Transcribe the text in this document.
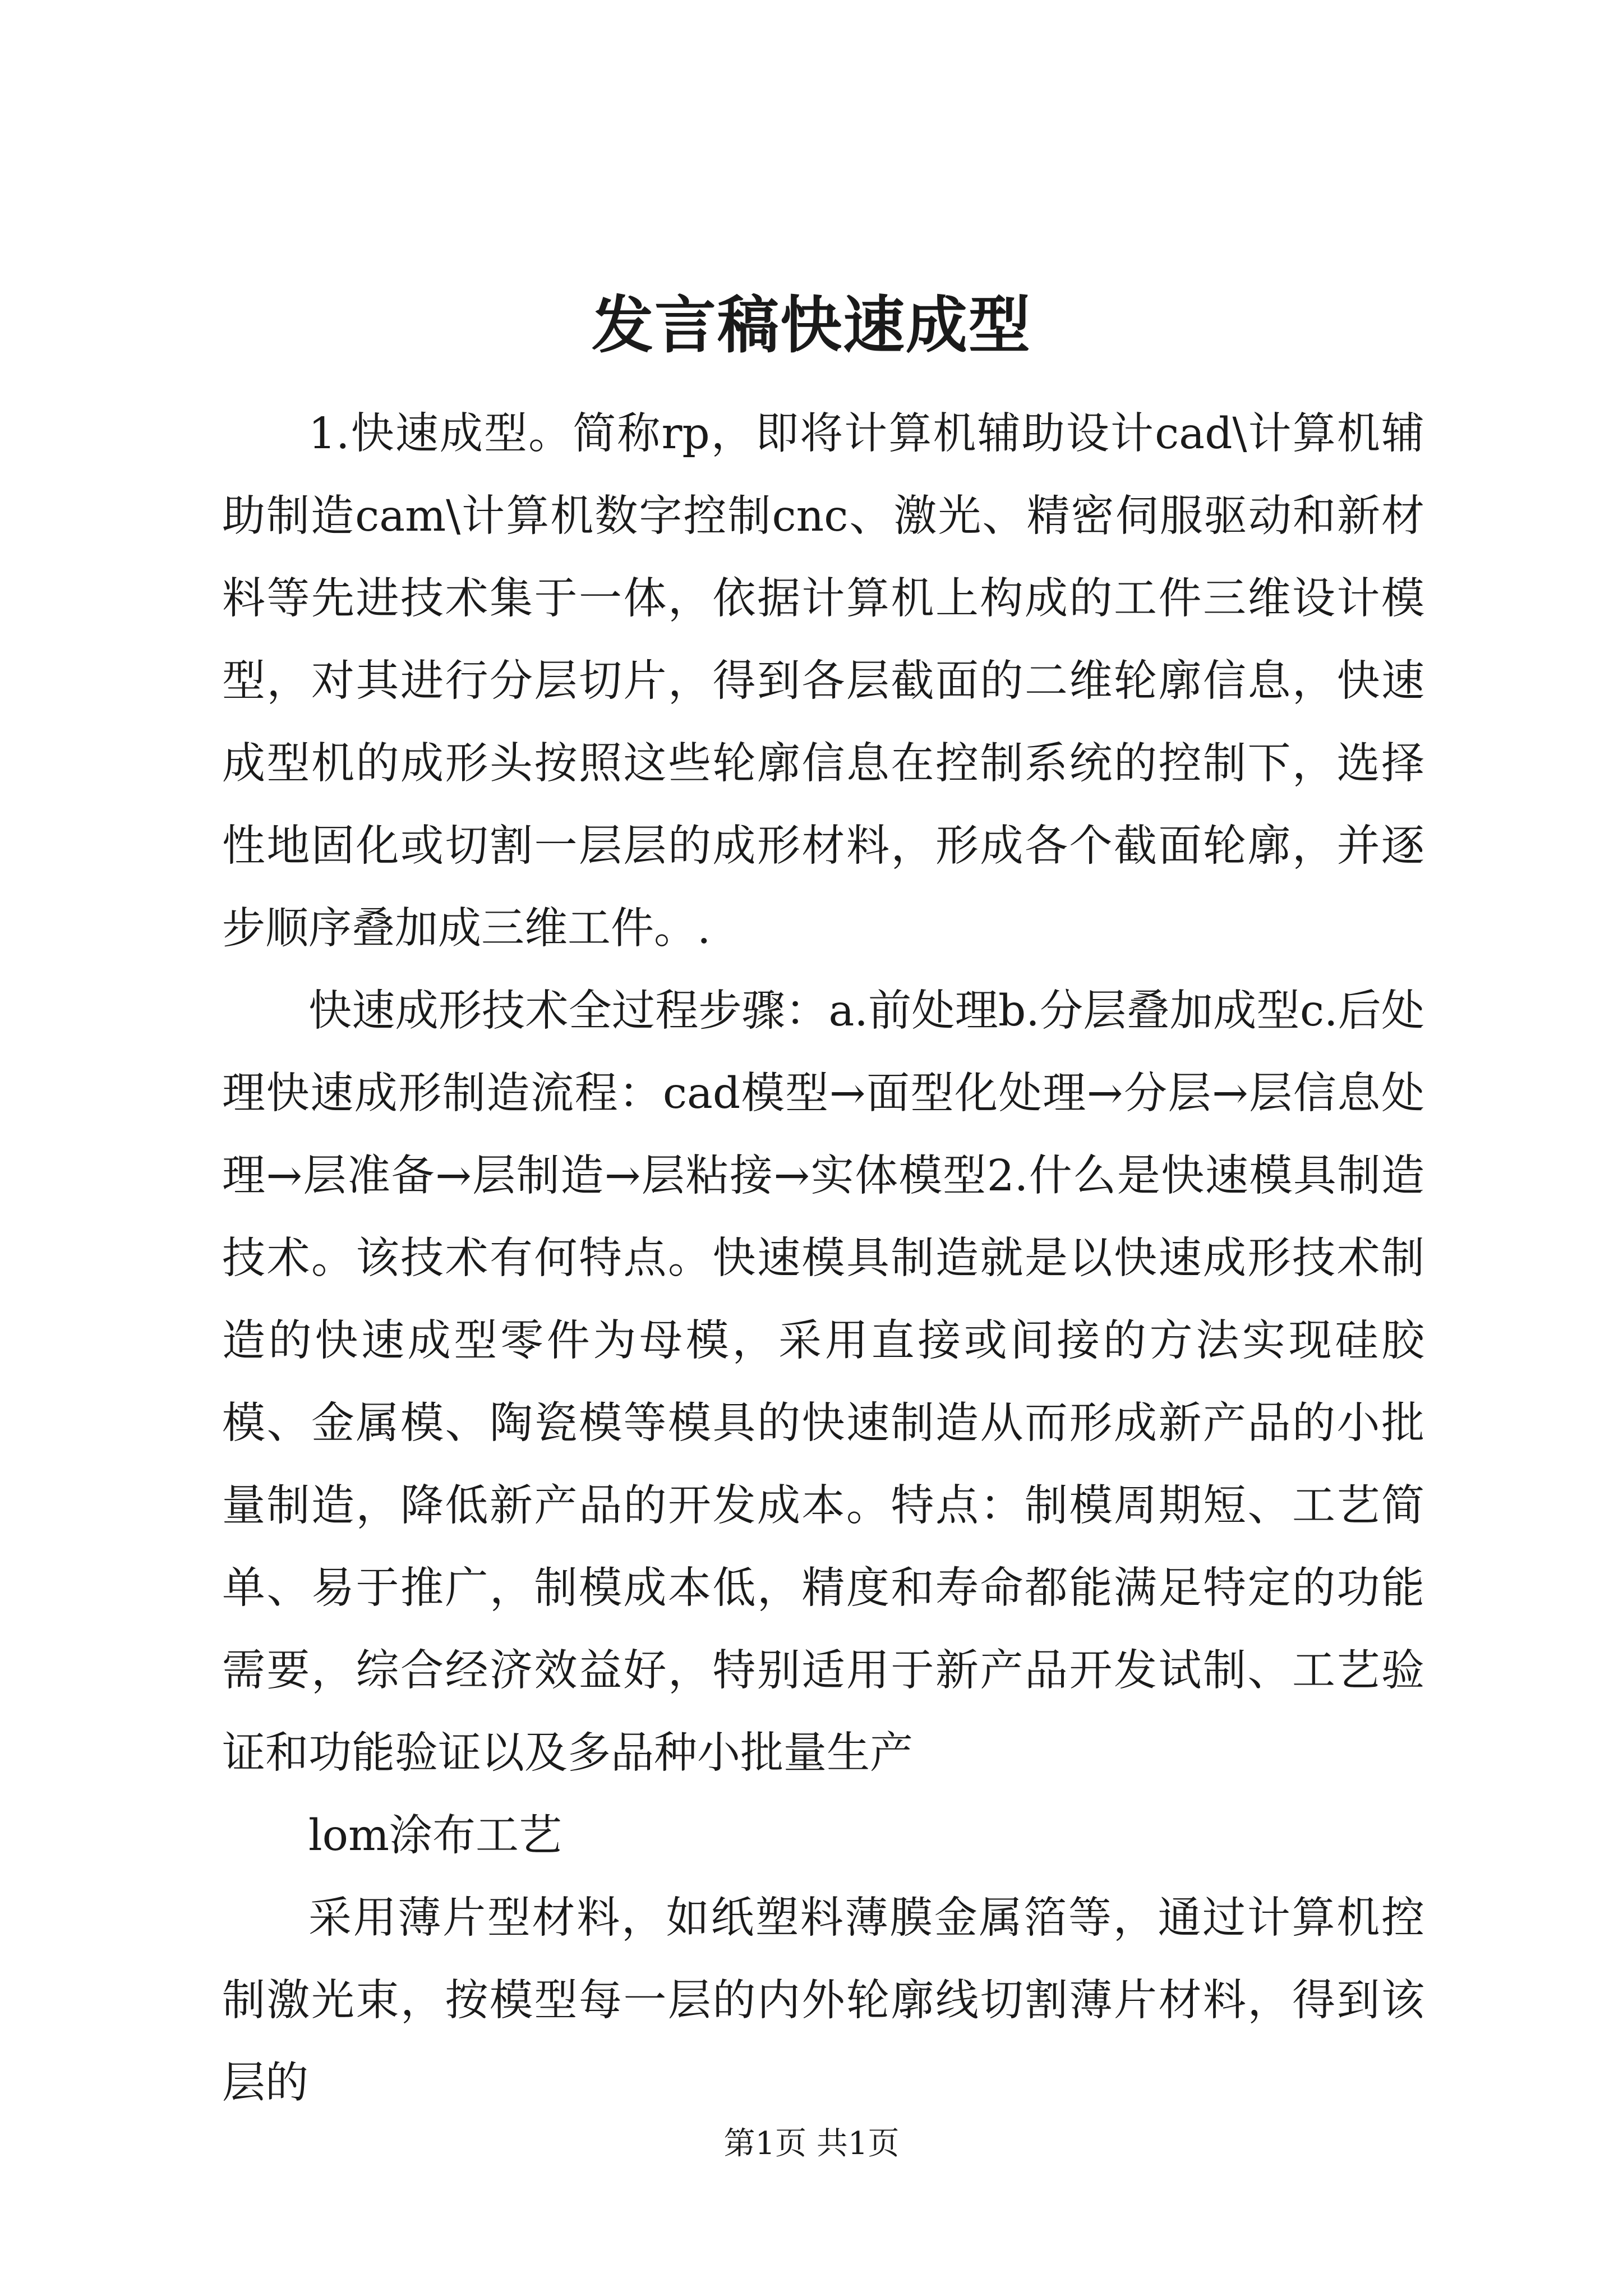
发言稿快速成型

1.快速成型。简称rp，即将计算机辅助设计cad\计算机辅助制造cam\计算机数字控制cnc、激光、精密伺服驱动和新材料等先进技术集于一体，依据计算机上构成的工件三维设计模型，对其进行分层切片，得到各层截面的二维轮廓信息，快速成型机的成形头按照这些轮廓信息在控制系统的控制下，选择性地固化或切割一层层的成形材料，形成各个截面轮廓，并逐步顺序叠加成三维工件。.

快速成形技术全过程步骤：a.前处理b.分层叠加成型c.后处理快速成形制造流程：cad模型→面型化处理→分层→层信息处理→层准备→层制造→层粘接→实体模型2.什么是快速模具制造技术。该技术有何特点。快速模具制造就是以快速成形技术制造的快速成型零件为母模，采用直接或间接的方法实现硅胶模、金属模、陶瓷模等模具的快速制造从而形成新产品的小批量制造，降低新产品的开发成本。特点：制模周期短、工艺简单、易于推广，制模成本低，精度和寿命都能满足特定的功能需要，综合经济效益好，特别适用于新产品开发试制、工艺验证和功能验证以及多品种小批量生产

lom涂布工艺

采用薄片型材料，如纸塑料薄膜金属箔等，通过计算机控制激光束，按模型每一层的内外轮廓线切割薄片材料，得到该层的

第1页 共1页
